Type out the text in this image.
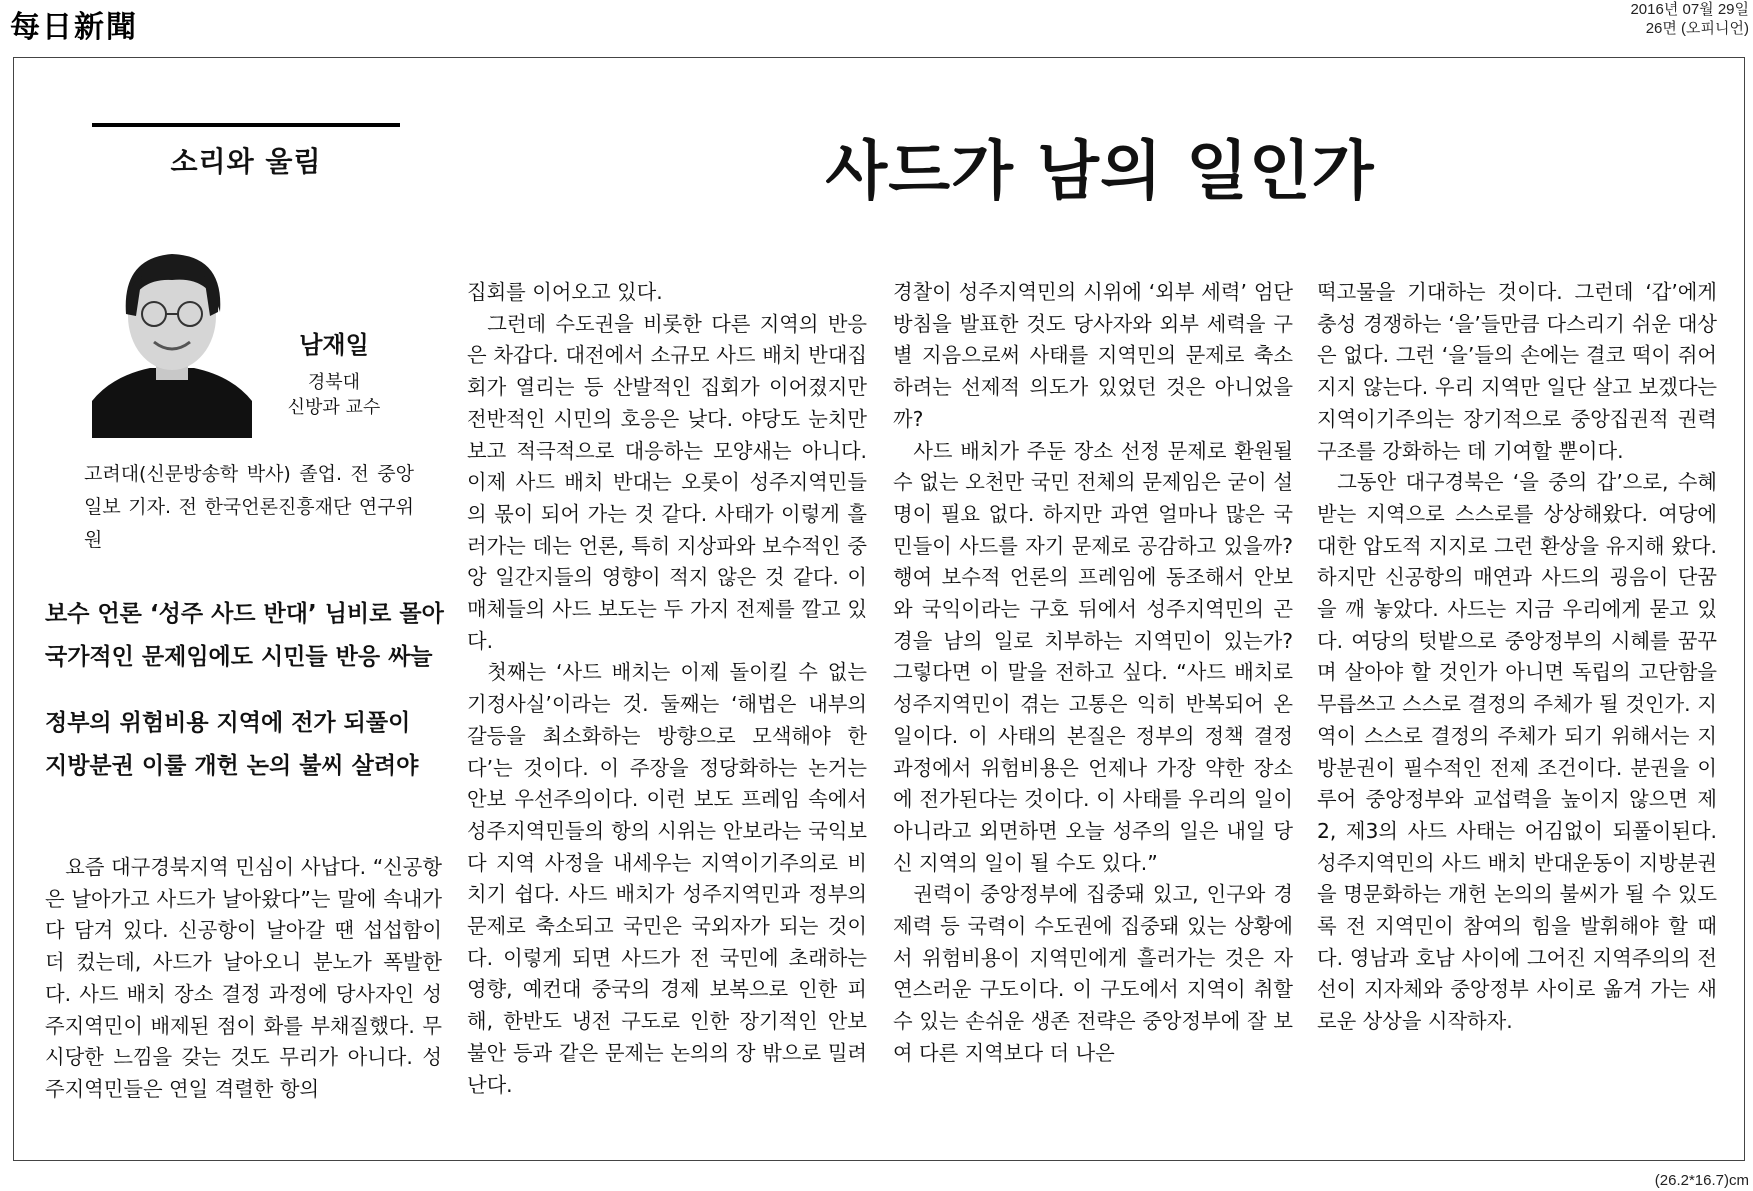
每日新聞
2016년 07월 29일
26면 (오피니언)
소리와 울림
남재일
경북대
신방과 교수
고려대(신문방송학 박사) 졸업. 전 중앙일보 기자. 전 한국언론진흥재단 연구위원
보수 언론 ‘성주 사드 반대’ 님비로 몰아
국가적인 문제임에도 시민들 반응 싸늘
정부의 위험비용 지역에 전가 되풀이
지방분권 이룰 개헌 논의 불씨 살려야
사드가 남의 일인가

요즘 대구경북지역 민심이 사납다. “신공항은 날아가고 사드가 날아왔다”는 말에 속내가 다 담겨 있다. 신공항이 날아갈 땐 섭섭함이 더 컸는데, 사드가 날아오니 분노가 폭발한다. 사드 배치 장소 결정 과정에 당사자인 성주지역민이 배제된 점이 화를 부채질했다. 무시당한 느낌을 갖는 것도 무리가 아니다. 성주지역민들은 연일 격렬한 항의

집회를 이어오고 있다.

그런데 수도권을 비롯한 다른 지역의 반응은 차갑다. 대전에서 소규모 사드 배치 반대집회가 열리는 등 산발적인 집회가 이어졌지만 전반적인 시민의 호응은 낮다. 야당도 눈치만 보고 적극적으로 대응하는 모양새는 아니다. 이제 사드 배치 반대는 오롯이 성주지역민들의 몫이 되어 가는 것 같다. 사태가 이렇게 흘러가는 데는 언론, 특히 지상파와 보수적인 중앙 일간지들의 영향이 적지 않은 것 같다. 이 매체들의 사드 보도는 두 가지 전제를 깔고 있다.

첫째는 ‘사드 배치는 이제 돌이킬 수 없는 기정사실’이라는 것. 둘째는 ‘해법은 내부의 갈등을 최소화하는 방향으로 모색해야 한다’는 것이다. 이 주장을 정당화하는 논거는 안보 우선주의이다. 이런 보도 프레임 속에서 성주지역민들의 항의 시위는 안보라는 국익보다 지역 사정을 내세우는 지역이기주의로 비치기 쉽다. 사드 배치가 성주지역민과 정부의 문제로 축소되고 국민은 국외자가 되는 것이다. 이렇게 되면 사드가 전 국민에 초래하는 영향, 예컨대 중국의 경제 보복으로 인한 피해, 한반도 냉전 구도로 인한 장기적인 안보 불안 등과 같은 문제는 논의의 장 밖으로 밀려난다.

경찰이 성주지역민의 시위에 ‘외부 세력’ 엄단 방침을 발표한 것도 당사자와 외부 세력을 구별 지음으로써 사태를 지역민의 문제로 축소하려는 선제적 의도가 있었던 것은 아니었을까?

사드 배치가 주둔 장소 선정 문제로 환원될 수 없는 오천만 국민 전체의 문제임은 굳이 설명이 필요 없다. 하지만 과연 얼마나 많은 국민들이 사드를 자기 문제로 공감하고 있을까? 행여 보수적 언론의 프레임에 동조해서 안보와 국익이라는 구호 뒤에서 성주지역민의 곤경을 남의 일로 치부하는 지역민이 있는가? 그렇다면 이 말을 전하고 싶다. “사드 배치로 성주지역민이 겪는 고통은 익히 반복되어 온 일이다. 이 사태의 본질은 정부의 정책 결정 과정에서 위험비용은 언제나 가장 약한 장소에 전가된다는 것이다. 이 사태를 우리의 일이 아니라고 외면하면 오늘 성주의 일은 내일 당신 지역의 일이 될 수도 있다.”

권력이 중앙정부에 집중돼 있고, 인구와 경제력 등 국력이 수도권에 집중돼 있는 상황에서 위험비용이 지역민에게 흘러가는 것은 자연스러운 구도이다. 이 구도에서 지역이 취할 수 있는 손쉬운 생존 전략은 중앙정부에 잘 보여 다른 지역보다 더 나은

떡고물을 기대하는 것이다. 그런데 ‘갑’에게 충성 경쟁하는 ‘을’들만큼 다스리기 쉬운 대상은 없다. 그런 ‘을’들의 손에는 결코 떡이 쥐어지지 않는다. 우리 지역만 일단 살고 보겠다는 지역이기주의는 장기적으로 중앙집권적 권력구조를 강화하는 데 기여할 뿐이다.

그동안 대구경북은 ‘을 중의 갑’으로, 수혜받는 지역으로 스스로를 상상해왔다. 여당에 대한 압도적 지지로 그런 환상을 유지해 왔다. 하지만 신공항의 매연과 사드의 굉음이 단꿈을 깨 놓았다. 사드는 지금 우리에게 묻고 있다. 여당의 텃밭으로 중앙정부의 시혜를 꿈꾸며 살아야 할 것인가 아니면 독립의 고단함을 무릅쓰고 스스로 결정의 주체가 될 것인가. 지역이 스스로 결정의 주체가 되기 위해서는 지방분권이 필수적인 전제 조건이다. 분권을 이루어 중앙정부와 교섭력을 높이지 않으면 제2, 제3의 사드 사태는 어김없이 되풀이된다. 성주지역민의 사드 배치 반대운동이 지방분권을 명문화하는 개헌 논의의 불씨가 될 수 있도록 전 지역민이 참여의 힘을 발휘해야 할 때다. 영남과 호남 사이에 그어진 지역주의의 전선이 지자체와 중앙정부 사이로 옮겨 가는 새로운 상상을 시작하자.

(26.2*16.7)cm
